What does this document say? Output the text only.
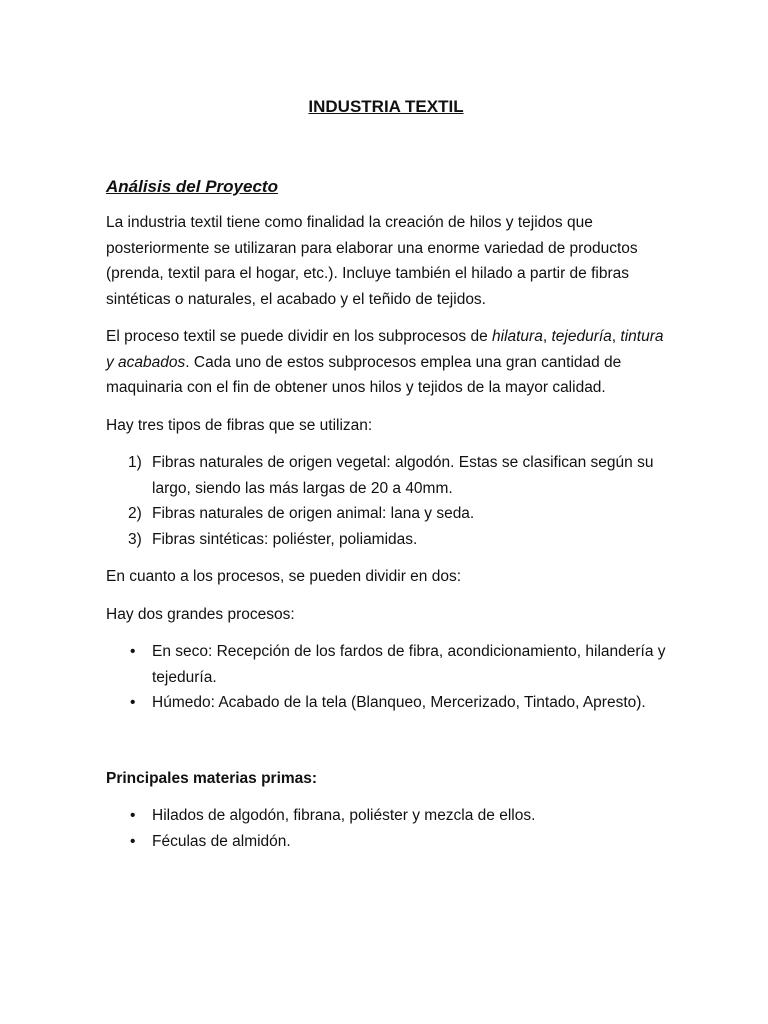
INDUSTRIA TEXTIL
Análisis del Proyecto

La industria textil tiene como finalidad la creación de hilos y tejidos que posteriormente se utilizaran para elaborar una enorme variedad de productos (prenda, textil para el hogar, etc.). Incluye también el hilado a partir de fibras sintéticas o naturales, el acabado y el teñido de tejidos.

El proceso textil se puede dividir en los subprocesos de hilatura, tejeduría, tintura y acabados. Cada uno de estos subprocesos emplea una gran cantidad de maquinaria con el fin de obtener unos hilos y tejidos de la mayor calidad.

Hay tres tipos de fibras que se utilizan:

1) Fibras naturales de origen vegetal: algodón. Estas se clasifican según su largo, siendo las más largas de 20 a 40mm.
2) Fibras naturales de origen animal: lana y seda.
3) Fibras sintéticas: poliéster, poliamidas.

En cuanto a los procesos, se pueden dividir en dos:

Hay dos grandes procesos:

• En seco: Recepción de los fardos de fibra, acondicionamiento, hilandería y tejeduría.
• Húmedo: Acabado de la tela (Blanqueo, Mercerizado, Tintado, Apresto).

Principales materias primas:

• Hilados de algodón, fibrana, poliéster y mezcla de ellos.
• Féculas de almidón.
